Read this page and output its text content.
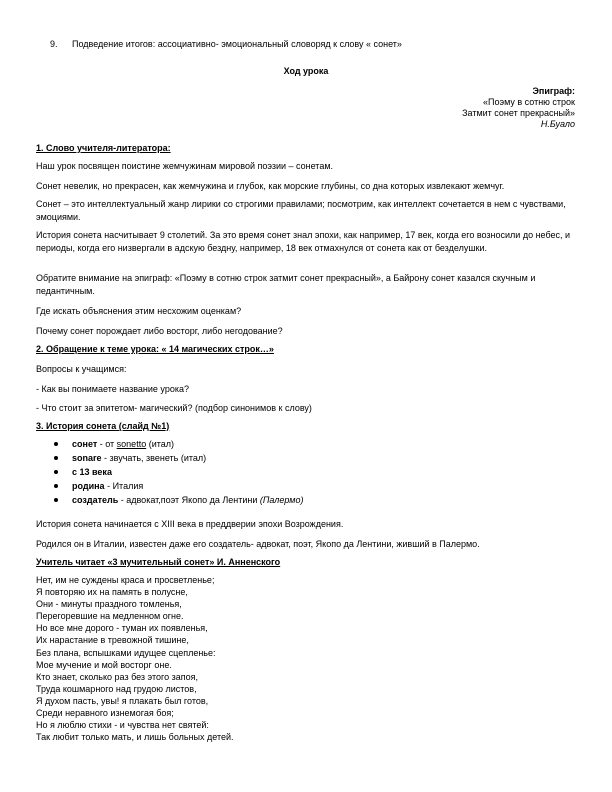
9. Подведение итогов: ассоциативно- эмоциональный словоряд к слову « сонет»
Ход урока
Эпиграф:
«Поэму в сотню строк
Затмит сонет прекрасный»
Н.Буало
1. Слово учителя-литератора:
Наш урок посвящен поистине жемчужинам мировой поэзии – сонетам.
Сонет невелик, но прекрасен, как жемчужина и глубок, как морские глубины, со дна которых извлекают жемчуг.
Сонет – это интеллектуальный жанр лирики со строгими правилами; посмотрим, как интеллект сочетается в нем с чувствами, эмоциями.
История сонета насчитывает 9 столетий. За это время сонет знал эпохи, как например, 17 век, когда его возносили до небес, и периоды, когда его низвергали в адскую бездну, например, 18 век отмахнулся от сонета как от безделушки.
Обратите внимание на эпиграф: «Поэму в сотню строк затмит сонет прекрасный», а Байрону сонет казался скучным и педантичным.
Где искать объяснения этим несхожим оценкам?
Почему сонет порождает либо восторг, либо негодование?
2. Обращение к теме урока: « 14 магических строк…»
Вопросы к учащимся:
- Как вы понимаете название урока?
- Что стоит за эпитетом- магический? (подбор синонимов к слову)
3. История сонета (слайд №1)
сонет - от sonetto (итал)
sonare - звучать, звенеть (итал)
с 13 века
родина - Италия
создатель - адвокат,поэт Якопо да Лентини (Палермо)
История сонета начинается с XIII века в преддверии эпохи Возрождения.
Родился он в Италии, известен даже его создатель- адвокат, поэт, Якопо да Лентини, живший в Палермо.
Учитель читает «3 мучительный сонет» И. Анненского
Нет, им не суждены краса и просветленье;
Я повторяю их на память в полусне,
Они - минуты праздного томленья,
Перегоревшие на медленном огне.
Но все мне дорого - туман их появленья,
Их нарастание в тревожной тишине,
Без плана, вспышками идущее сцепленье:
Мое мучение и мой восторг оне.
Кто знает, сколько раз без этого запоя,
Труда кошмарного над грудою листов,
Я духом пасть, увы! я плакать был готов,
Среди неравного изнемогая боя;
Но я люблю стихи - и чувства нет святей:
Так любит только мать, и лишь больных детей.
